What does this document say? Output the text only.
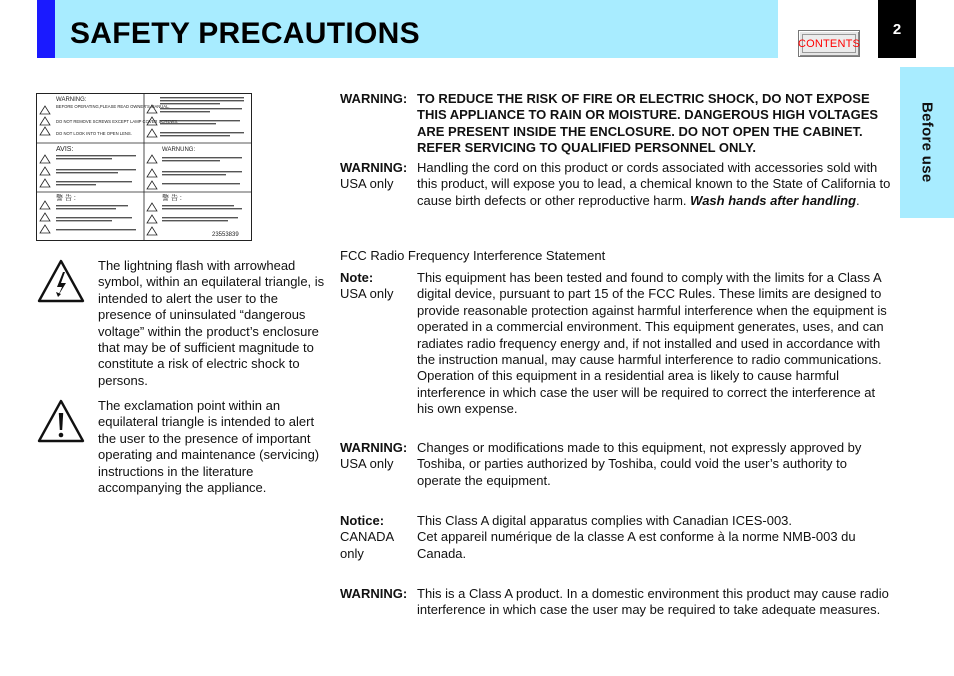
SAFETY PRECAUTIONS	CONTENTS
2
Before use
WARNING:
BEFORE OPERATING,PLEASE READ OWNER'S MANUAL.
DO NOT REMOVE SCREWS EXCEPT LAMP COVER SCREWS.
DO NOT LOOK INTO THE OPEN LENS.
AVIS:	WARNUNG:
警 告 :	警 告 :
23553839
The lightning flash with arrowhead symbol, within an equilateral triangle, is intended to alert the user to the presence of uninsulated “dangerous voltage” within the product’s enclosure that may be of sufficient magnitude to constitute a risk of electric shock to persons.
The exclamation point within an equilateral triangle is intended to alert the user to the presence of important operating and maintenance (servicing) instructions in the literature accompanying the appliance.
WARNING: TO REDUCE THE RISK OF FIRE OR ELECTRIC SHOCK, DO NOT EXPOSE THIS APPLIANCE TO RAIN OR MOISTURE. DANGEROUS HIGH VOLTAGES ARE PRESENT INSIDE THE ENCLOSURE. DO NOT OPEN THE CABINET. REFER SERVICING TO QUALIFIED PERSONNEL ONLY.
WARNING:
USA only
Handling the cord on this product or cords associated with accessories sold with this product, will expose you to lead, a chemical known to the State of California to cause birth defects or other reproductive harm. Wash hands after handling.
FCC Radio Frequency Interference Statement
Note:
USA only
This equipment has been tested and found to comply with the limits for a Class A digital device, pursuant to part 15 of the FCC Rules. These limits are designed to provide reasonable protection against harmful interference when the equipment is operated in a commercial environment. This equipment generates, uses, and can radiates radio frequency energy and, if not installed and used in accordance with the instruction manual, may cause harmful interference to radio communications. Operation of this equipment in a residential area is likely to cause harmful interference in which case the user will be required to correct the interference at his own expense.
WARNING:
USA only
Changes or modifications made to this equipment, not expressly approved by Toshiba, or parties authorized by Toshiba, could void the user’s authority to operate the equipment.
Notice:
CANADA only
This Class A digital apparatus complies with Canadian ICES-003.
Cet appareil numérique de la classe A est conforme à la norme NMB-003 du Canada.
WARNING: This is a Class A product. In a domestic environment this product may cause radio interference in which case the user may be required to take adequate measures.
